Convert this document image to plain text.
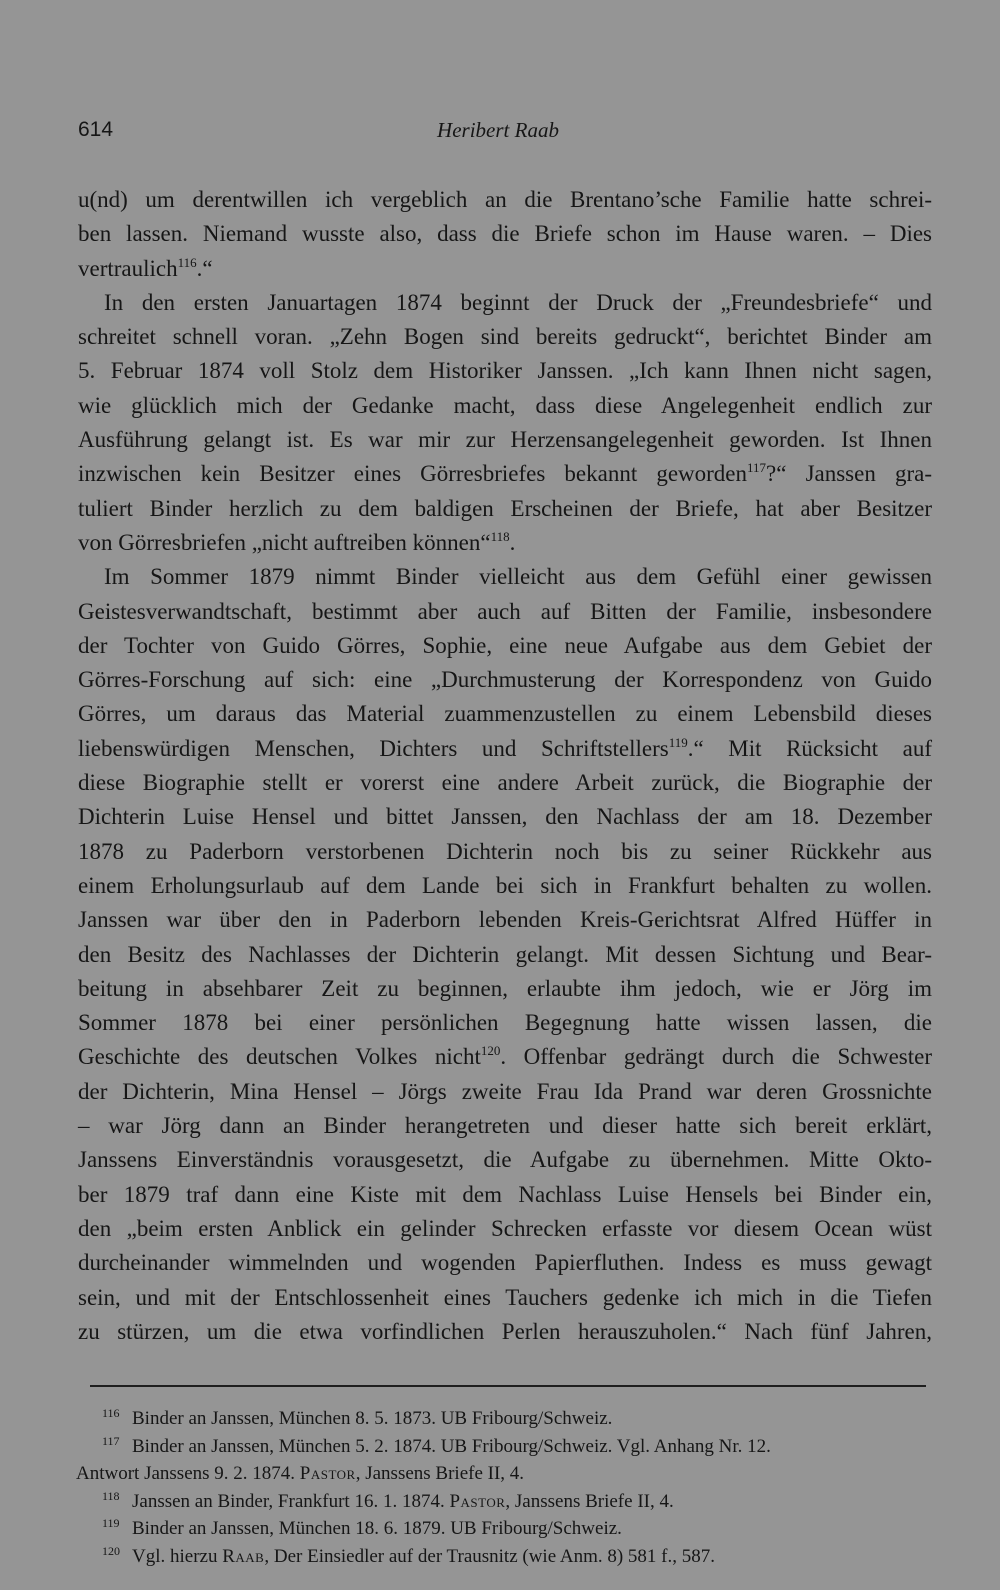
614	Heribert Raab
u(nd) um derentwillen ich vergeblich an die Brentano’sche Familie hatte schrei-
ben lassen. Niemand wusste also, dass die Briefe schon im Hause waren. – Dies
vertraulich$^{116}$.“
In den ersten Januartagen 1874 beginnt der Druck der „Freundesbriefe“ und
schreitet schnell voran. „Zehn Bogen sind bereits gedruckt“, berichtet Binder am
5. Februar 1874 voll Stolz dem Historiker Janssen. „Ich kann Ihnen nicht sagen,
wie glücklich mich der Gedanke macht, dass diese Angelegenheit endlich zur
Ausführung gelangt ist. Es war mir zur Herzensangelegenheit geworden. Ist Ihnen
inzwischen kein Besitzer eines Görresbriefes bekannt geworden$^{117}$?“ Janssen gra-
tuliert Binder herzlich zu dem baldigen Erscheinen der Briefe, hat aber Besitzer
von Görresbriefen „nicht auftreiben können“$^{118}$.
Im Sommer 1879 nimmt Binder vielleicht aus dem Gefühl einer gewissen
Geistesverwandtschaft, bestimmt aber auch auf Bitten der Familie, insbesondere
der Tochter von Guido Görres, Sophie, eine neue Aufgabe aus dem Gebiet der
Görres-Forschung auf sich: eine „Durchmusterung der Korrespondenz von Guido
Görres, um daraus das Material zuammenzustellen zu einem Lebensbild dieses
liebenswürdigen Menschen, Dichters und Schriftstellers$^{119}$.“ Mit Rücksicht auf
diese Biographie stellt er vorerst eine andere Arbeit zurück, die Biographie der
Dichterin Luise Hensel und bittet Janssen, den Nachlass der am 18. Dezember
1878 zu Paderborn verstorbenen Dichterin noch bis zu seiner Rückkehr aus
einem Erholungsurlaub auf dem Lande bei sich in Frankfurt behalten zu wollen.
Janssen war über den in Paderborn lebenden Kreis-Gerichtsrat Alfred Hüffer in
den Besitz des Nachlasses der Dichterin gelangt. Mit dessen Sichtung und Bear-
beitung in absehbarer Zeit zu beginnen, erlaubte ihm jedoch, wie er Jörg im
Sommer 1878 bei einer persönlichen Begegnung hatte wissen lassen, die
Geschichte des deutschen Volkes nicht$^{120}$. Offenbar gedrängt durch die Schwester
der Dichterin, Mina Hensel – Jörgs zweite Frau Ida Prand war deren Grossnichte
– war Jörg dann an Binder herangetreten und dieser hatte sich bereit erklärt,
Janssens Einverständnis vorausgesetzt, die Aufgabe zu übernehmen. Mitte Okto-
ber 1879 traf dann eine Kiste mit dem Nachlass Luise Hensels bei Binder ein,
den „beim ersten Anblick ein gelinder Schrecken erfasste vor diesem Ocean wüst
durcheinander wimmelnden und wogenden Papierfluthen. Indess es muss gewagt
sein, und mit der Entschlossenheit eines Tauchers gedenke ich mich in die Tiefen
zu stürzen, um die etwa vorfindlichen Perlen herauszuholen.“ Nach fünf Jahren,
116 Binder an Janssen, München 8. 5. 1873. UB Fribourg/Schweiz.
117 Binder an Janssen, München 5. 2. 1874. UB Fribourg/Schweiz. Vgl. Anhang Nr. 12.
Antwort Janssens 9. 2. 1874. Pastor, Janssens Briefe II, 4.
118 Janssen an Binder, Frankfurt 16. 1. 1874. Pastor, Janssens Briefe II, 4.
119 Binder an Janssen, München 18. 6. 1879. UB Fribourg/Schweiz.
120 Vgl. hierzu Raab, Der Einsiedler auf der Trausnitz (wie Anm. 8) 581 f., 587.
